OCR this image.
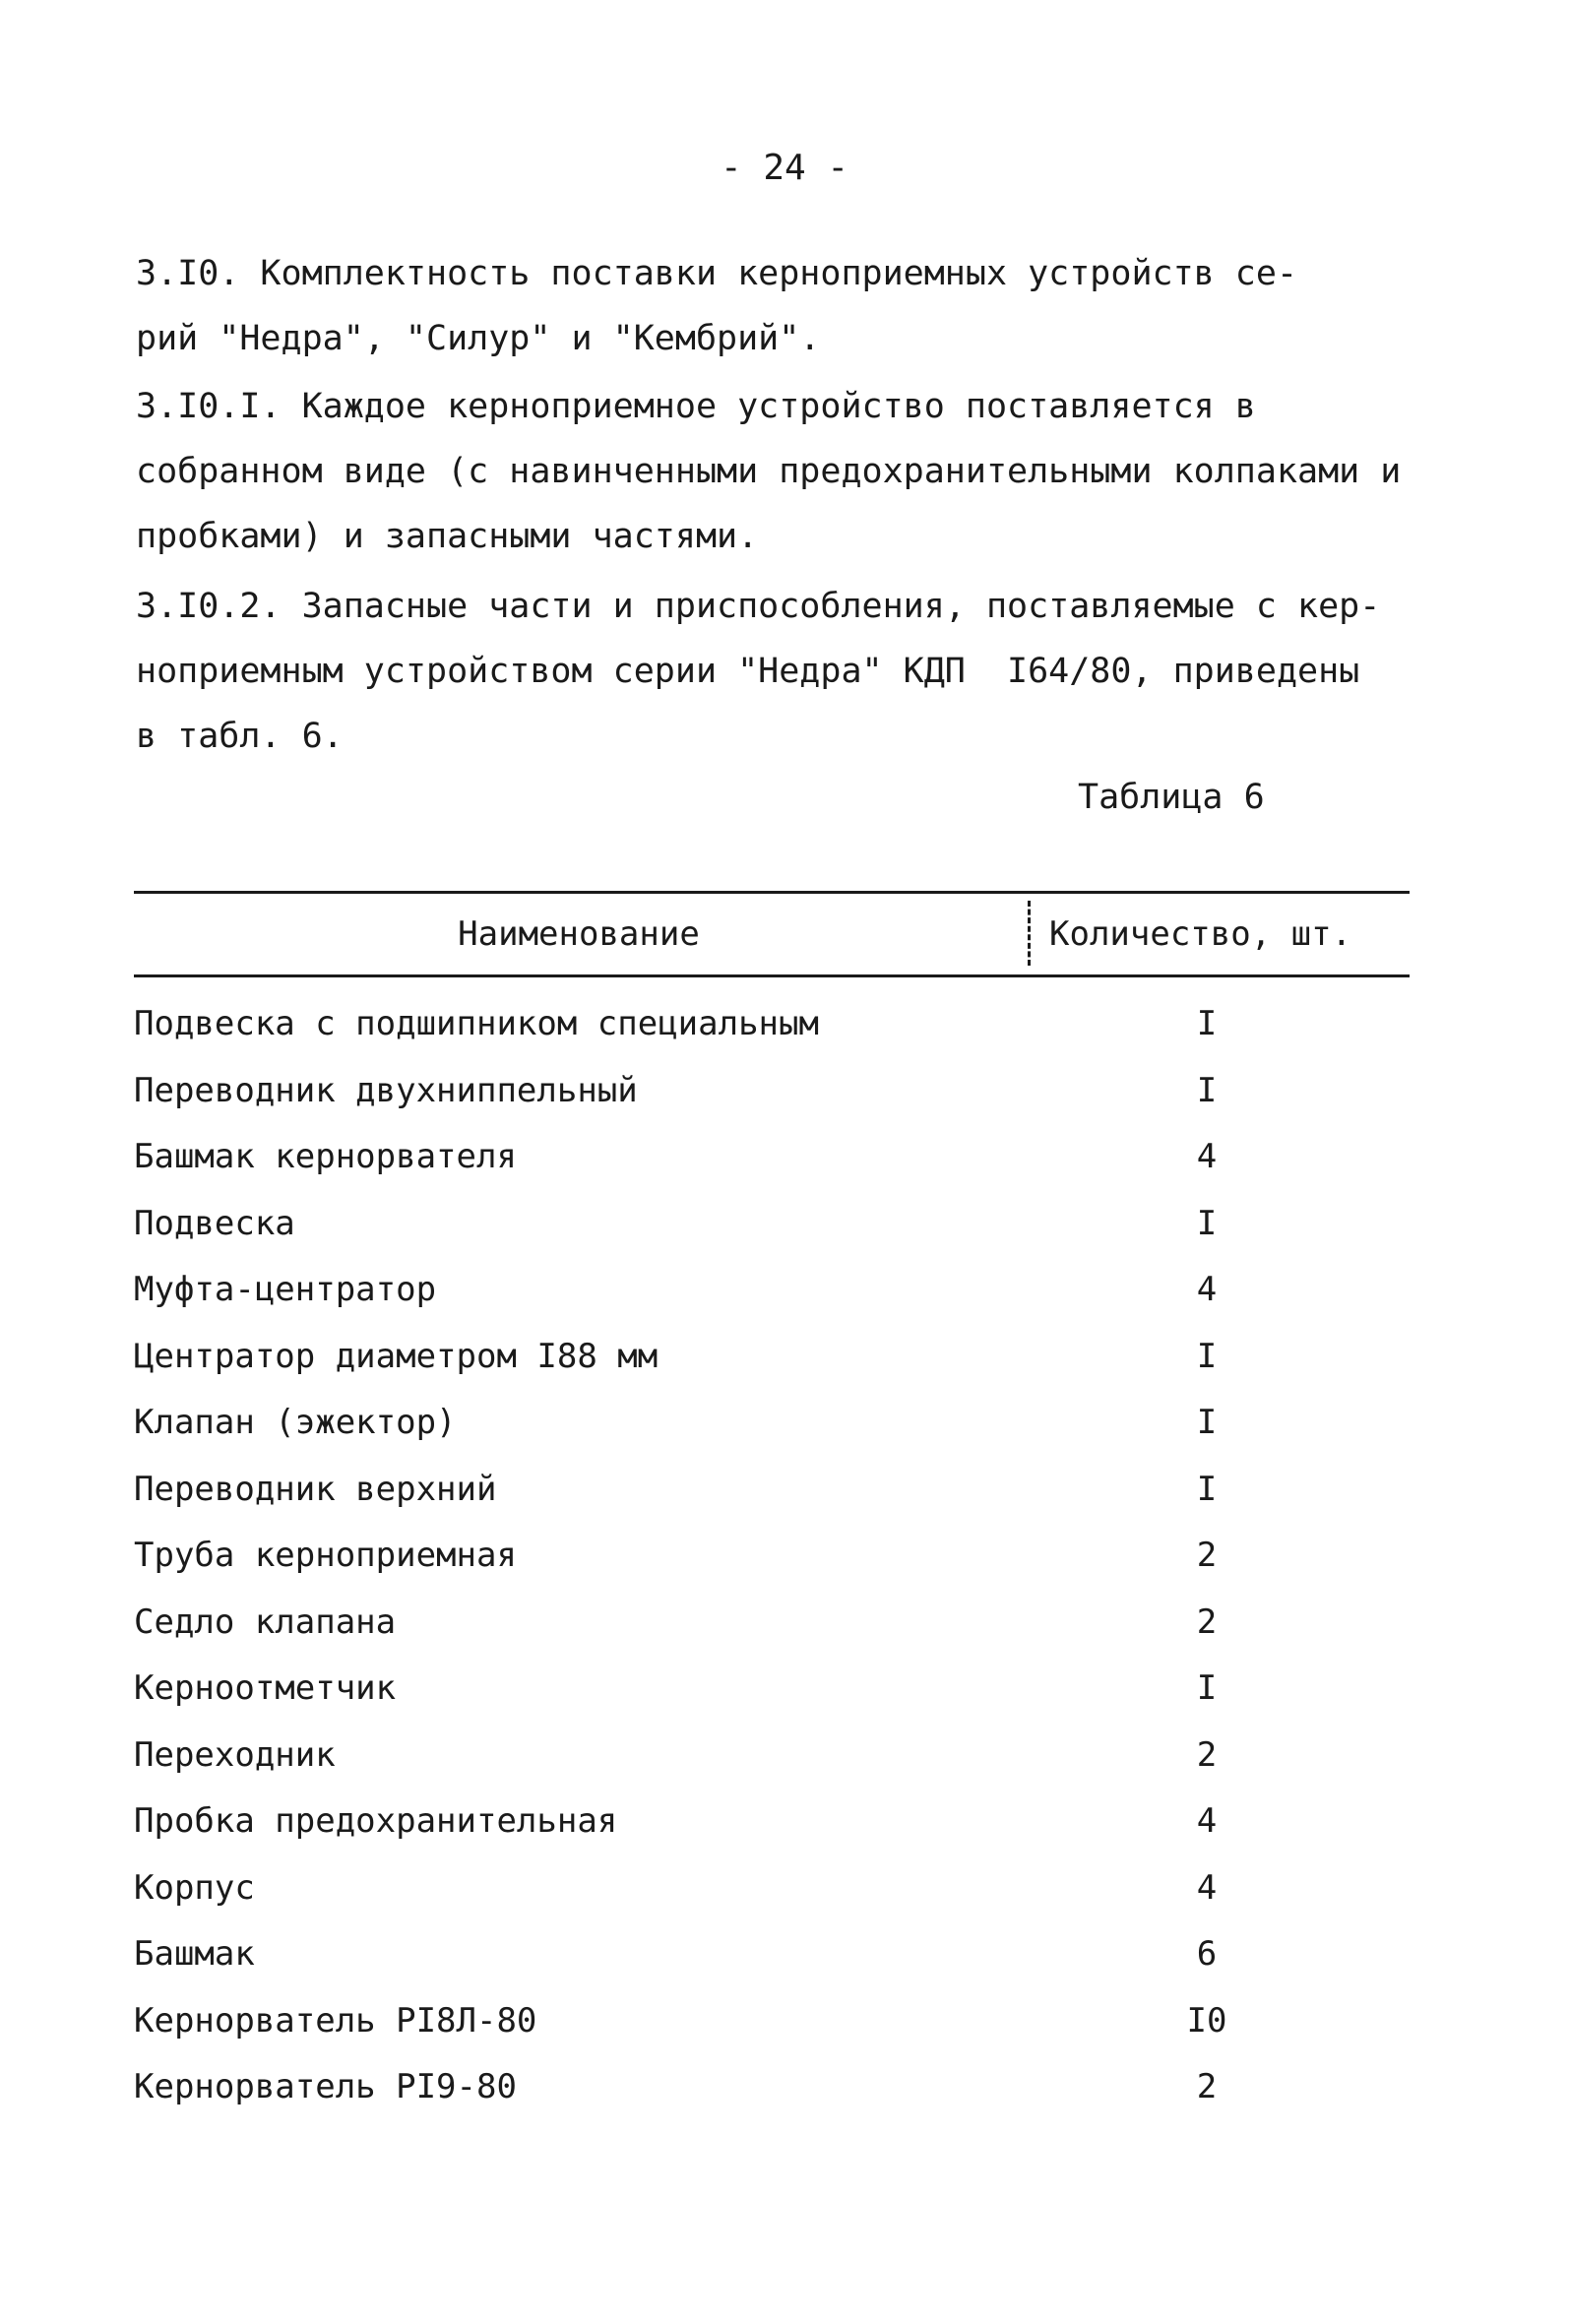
- 24 -
3.I0. Комплектность поставки керноприемных устройств се-
рий "Недра", "Силур" и "Кембрий".
3.I0.I. Каждое керноприемное устройство поставляется в
собранном виде (с навинченными предохранительными колпаками и
пробками) и запасными частями.
3.I0.2. Запасные части и приспособления, поставляемые с кер-
ноприемным устройством серии "Недра" КДП  I64/80, приведены
в табл. 6.
Таблица 6
Наименование	Количество, шт.
Подвеска с подшипником специальным	I
Переводник двухниппельный	I
Башмак кернорвателя	4
Подвеска	I
Муфта-центратор	4
Центратор диаметром I88 мм	I
Клапан (эжектор)	I
Переводник верхний	I
Труба керноприемная	2
Седло клапана	2
Керноотметчик	I
Переходник	2
Пробка предохранительная	4
Корпус	4
Башмак	6
Кернорватель PI8Л-80	I0
Кернорватель PI9-80	2
